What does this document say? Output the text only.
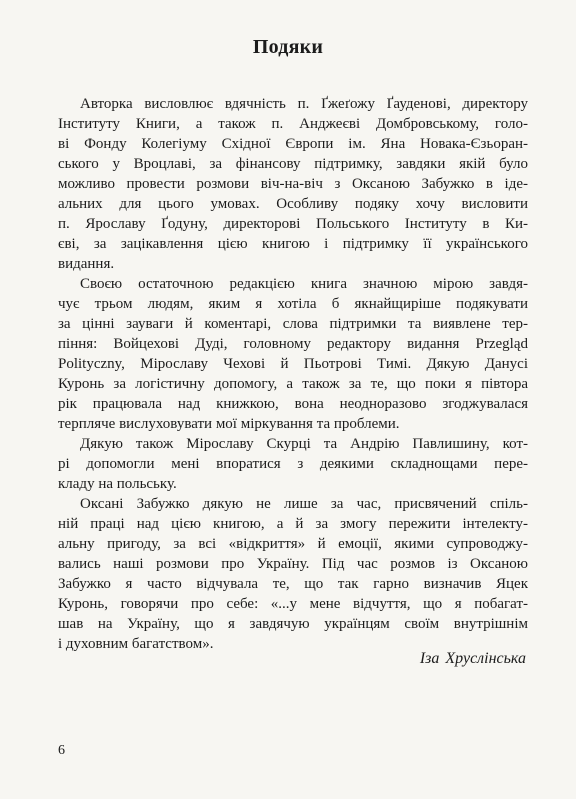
Подяки
Авторка висловлює вдячність п. Ґжеґожу Ґауденові, директору
Інституту Книги, а також п. Анджеєві Домбровському, голо-
ві Фонду Колегіуму Східної Європи ім. Яна Новака-Єзьоран-
ського у Вроцлаві, за фінансову підтримку, завдяки якій було
можливо провести розмови віч-на-віч з Оксаною Забужко в іде-
альних для цього умовах. Особливу подяку хочу висловити
п. Ярославу Ґодуну, директорові Польського Інституту в Ки-
єві, за зацікавлення цією книгою і підтримку її українського
видання.
Своєю остаточною редакцією книга значною мірою завдя-
чує трьом людям, яким я хотіла б якнайщиріше подякувати
за цінні зауваги й коментарі, слова підтримки та виявлене тер-
піння: Войцехові Дуді, головному редактору видання Przegląd
Polityczny, Мірославу Чехові й Пьотрові Тимі. Дякую Данусі
Куронь за логістичну допомогу, а також за те, що поки я півтора
рік працювала над книжкою, вона неодноразово згоджувалася
терпляче вислуховувати мої міркування та проблеми.
Дякую також Міроcлаву Скурці та Андрію Павлишину, кот-
рі допомогли мені впоратися з деякими складнощами пере-
кладу на польську.
Оксані Забужко дякую не лише за час, присвячений спіль-
ній праці над цією книгою, а й за змогу пережити інтелекту-
альну пригоду, за всі «відкриття» й емоції, якими супроводжу-
вались наші розмови про Україну. Під час розмов із Оксаною
Забужко я часто відчувала те, що так гарно визначив Яцек
Куронь, говорячи про себе: «...у мене відчуття, що я побагат-
шав на Україну, що я завдячую українцям своїм внутрішнім
і духовним багатством».
Іза Хруслінська
6
